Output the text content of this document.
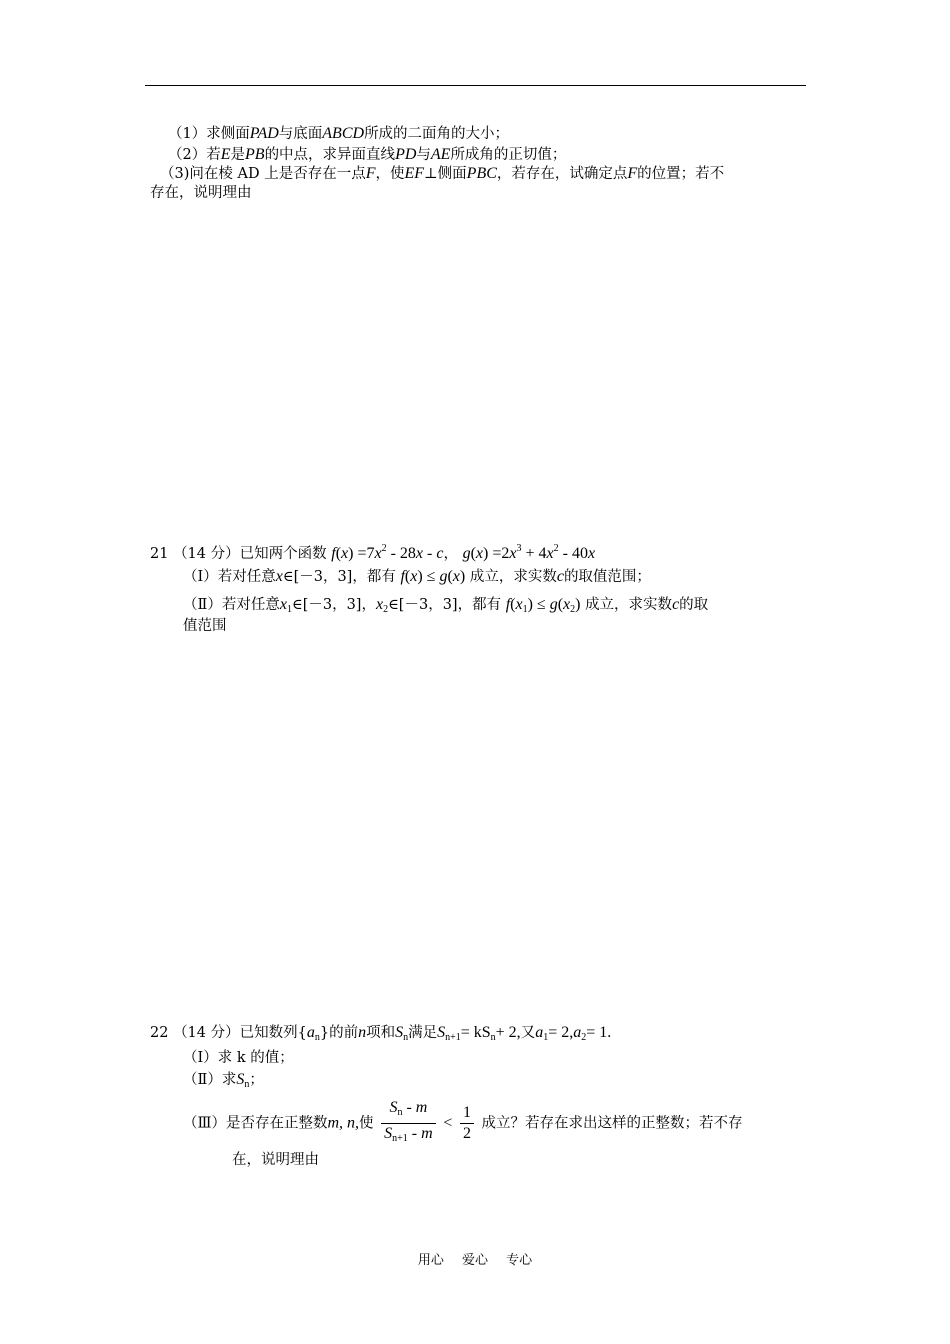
（1）求侧面PAD与底面ABCD所成的二面角的大小；
（2）若E是PB的中点，求异面直线PD与AE所成角的正切值；
（3)问在棱 AD 上是否存在一点F，使EF⊥侧面PBC，若存在，试确定点F的位置；若不
存在，说明理由
21 （14 分）已知两个函数 $f(x) =7x^2 - 28x - c$， $g(x) =2x^3 + 4x^2 - 40x$
（Ⅰ）若对任意x∈[－3，3]，都有 f(x) ≤ g(x) 成立，求实数c的取值范围；
（Ⅱ）若对任意$x_1\in[-3$，3]，$x_2\in[-3$，3]，都有 $f(x_1) \le g(x_2)$ 成立，求实数c的取
值范围
22 （14 分）已知数列$\{a_n\}$的前n项和$S_n$满足$S_{n+1}= kS_n+ 2$,又$a_1= 2,a_2= 1$.
（Ⅰ）求 k 的值；
（Ⅱ）求$S_n$；
（Ⅲ）是否存在正整数m, n,使 $\frac{S_n - m}{S_{n+1} - m} < \frac{1}{2}$ 成立？若存在求出这样的正整数；若不存
在，说明理由
用心 爱心 专心
